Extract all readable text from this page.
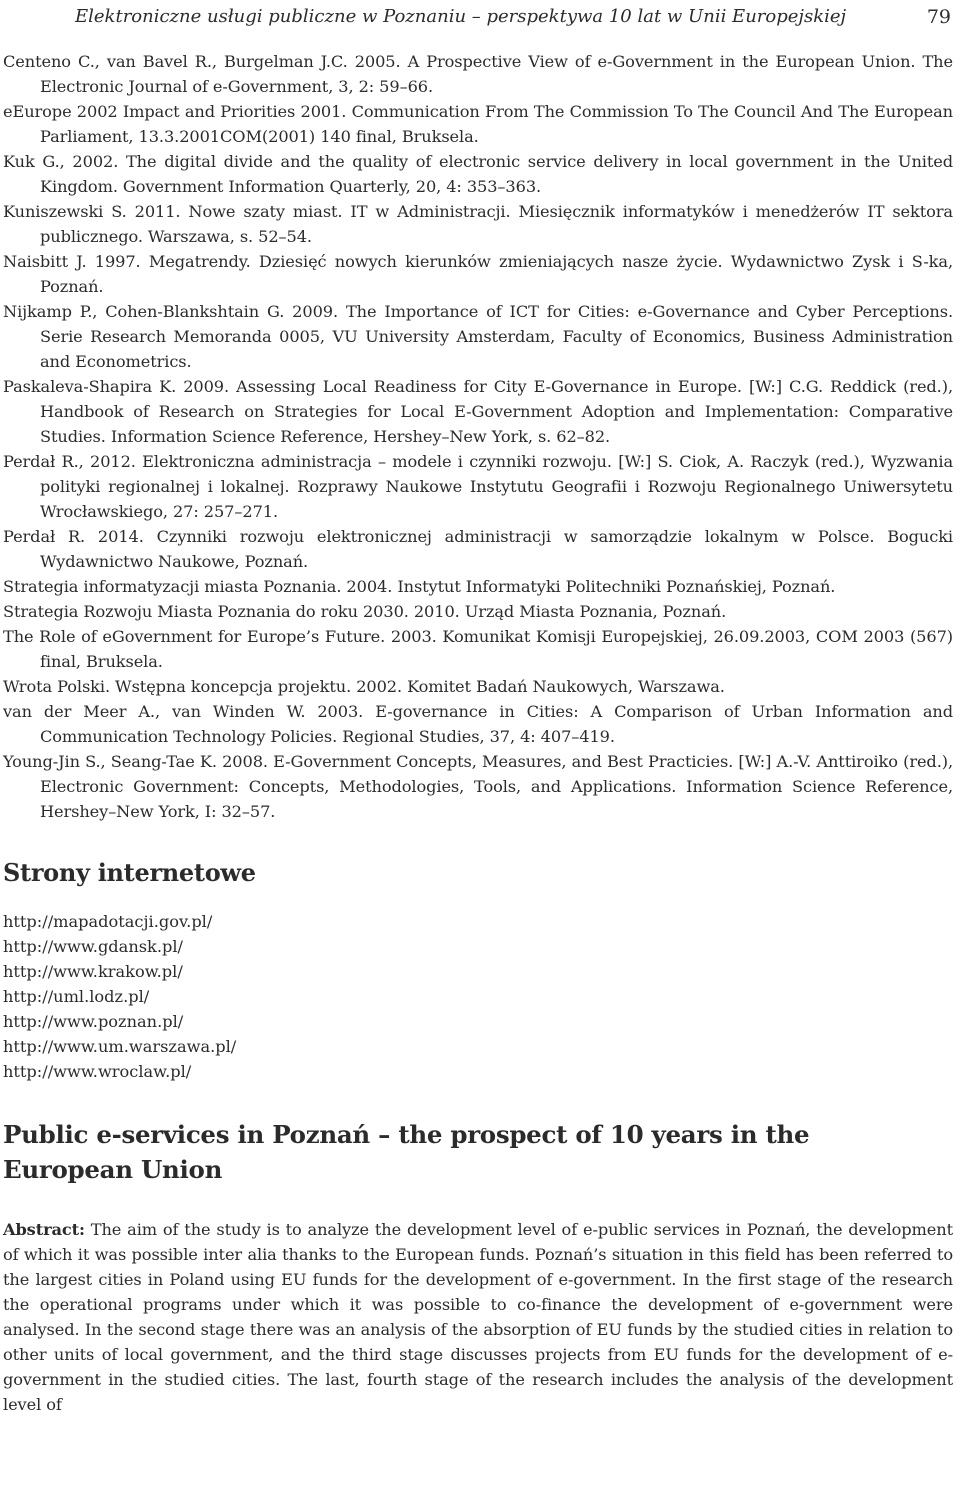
Elektroniczne usługi publiczne w Poznaniu – perspektywa 10 lat w Unii Europejskiej	79
Centeno C., van Bavel R., Burgelman J.C. 2005. A Prospective View of e-Government in the European Union. The Electronic Journal of e-Government, 3, 2: 59–66.
eEurope 2002 Impact and Priorities 2001. Communication From The Commission To The Council And The European Parliament, 13.3.2001COM(2001) 140 final, Bruksela.
Kuk G., 2002. The digital divide and the quality of electronic service delivery in local government in the United Kingdom. Government Information Quarterly, 20, 4: 353–363.
Kuniszewski S. 2011. Nowe szaty miast. IT w Administracji. Miesięcznik informatyków i menedżerów IT sektora publicznego. Warszawa, s. 52–54.
Naisbitt J. 1997. Megatrendy. Dziesięć nowych kierunków zmieniających nasze życie. Wydawnictwo Zysk i S-ka, Poznań.
Nijkamp P., Cohen-Blankshtain G. 2009. The Importance of ICT for Cities: e-Governance and Cyber Perceptions. Serie Research Memoranda 0005, VU University Amsterdam, Faculty of Economics, Business Administration and Econometrics.
Paskaleva-Shapira K. 2009. Assessing Local Readiness for City E-Governance in Europe. [W:] C.G. Reddick (red.), Handbook of Research on Strategies for Local E-Government Adoption and Implementation: Comparative Studies. Information Science Reference, Hershey–New York, s. 62–82.
Perdał R., 2012. Elektroniczna administracja – modele i czynniki rozwoju. [W:] S. Ciok, A. Raczyk (red.), Wyzwania polityki regionalnej i lokalnej. Rozprawy Naukowe Instytutu Geografii i Rozwoju Regionalnego Uniwersytetu Wrocławskiego, 27: 257–271.
Perdał R. 2014. Czynniki rozwoju elektronicznej administracji w samorządzie lokalnym w Polsce. Bogucki Wydawnictwo Naukowe, Poznań.
Strategia informatyzacji miasta Poznania. 2004. Instytut Informatyki Politechniki Poznańskiej, Poznań.
Strategia Rozwoju Miasta Poznania do roku 2030. 2010. Urząd Miasta Poznania, Poznań.
The Role of eGovernment for Europe’s Future. 2003. Komunikat Komisji Europejskiej, 26.09.2003, COM 2003 (567) final, Bruksela.
Wrota Polski. Wstępna koncepcja projektu. 2002. Komitet Badań Naukowych, Warszawa.
van der Meer A., van Winden W. 2003. E-governance in Cities: A Comparison of Urban Information and Communication Technology Policies. Regional Studies, 37, 4: 407–419.
Young-Jin S., Seang-Tae K. 2008. E-Government Concepts, Measures, and Best Practicies. [W:] A.-V. Anttiroiko (red.), Electronic Government: Concepts, Methodologies, Tools, and Applications. Information Science Reference, Hershey–New York, I: 32–57.
Strony internetowe
http://mapadotacji.gov.pl/
http://www.gdansk.pl/
http://www.krakow.pl/
http://uml.lodz.pl/
http://www.poznan.pl/
http://www.um.warszawa.pl/
http://www.wroclaw.pl/
Public e-services in Poznań – the prospect of 10 years in the European Union
Abstract: The aim of the study is to analyze the development level of e-public services in Poznań, the development of which it was possible inter alia thanks to the European funds. Poznań’s situation in this field has been referred to the largest cities in Poland using EU funds for the development of e-government. In the first stage of the research the operational programs under which it was possible to co-finance the development of e-government were analysed. In the second stage there was an analysis of the absorption of EU funds by the studied cities in relation to other units of local government, and the third stage discusses projects from EU funds for the development of e-government in the studied cities. The last, fourth stage of the research includes the analysis of the development level of
